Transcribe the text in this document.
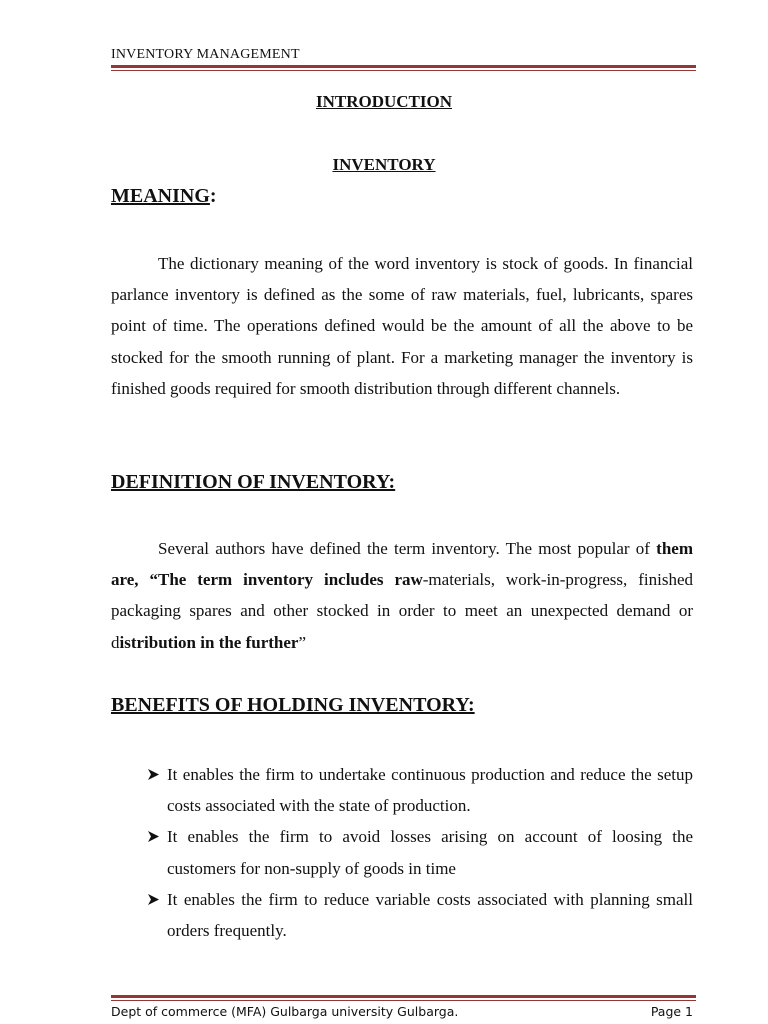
INVENTORY MANAGEMENT
INTRODUCTION
INVENTORY
MEANING:

The dictionary meaning of the word inventory is stock of goods. In financial parlance inventory is defined as the some of raw materials, fuel, lubricants, spares point of time. The operations defined would be the amount of all the above to be stocked for the smooth running of plant. For a marketing manager the inventory is finished goods required for smooth distribution through different channels.

DEFINITION OF INVENTORY:

Several authors have defined the term inventory. The most popular of them are, “The term inventory includes raw-materials, work-in-progress, finished packaging spares and other stocked in order to meet an unexpected demand or distribution in the further”

BENEFITS OF HOLDING INVENTORY:
It enables the firm to undertake continuous production and reduce the setup costs associated with the state of production.
It enables the firm to avoid losses arising on account of loosing the customers for non-supply of goods in time
It enables the firm to reduce variable costs associated with planning small orders frequently.
Dept of commerce (MFA) Gulbarga university Gulbarga.	Page 1
